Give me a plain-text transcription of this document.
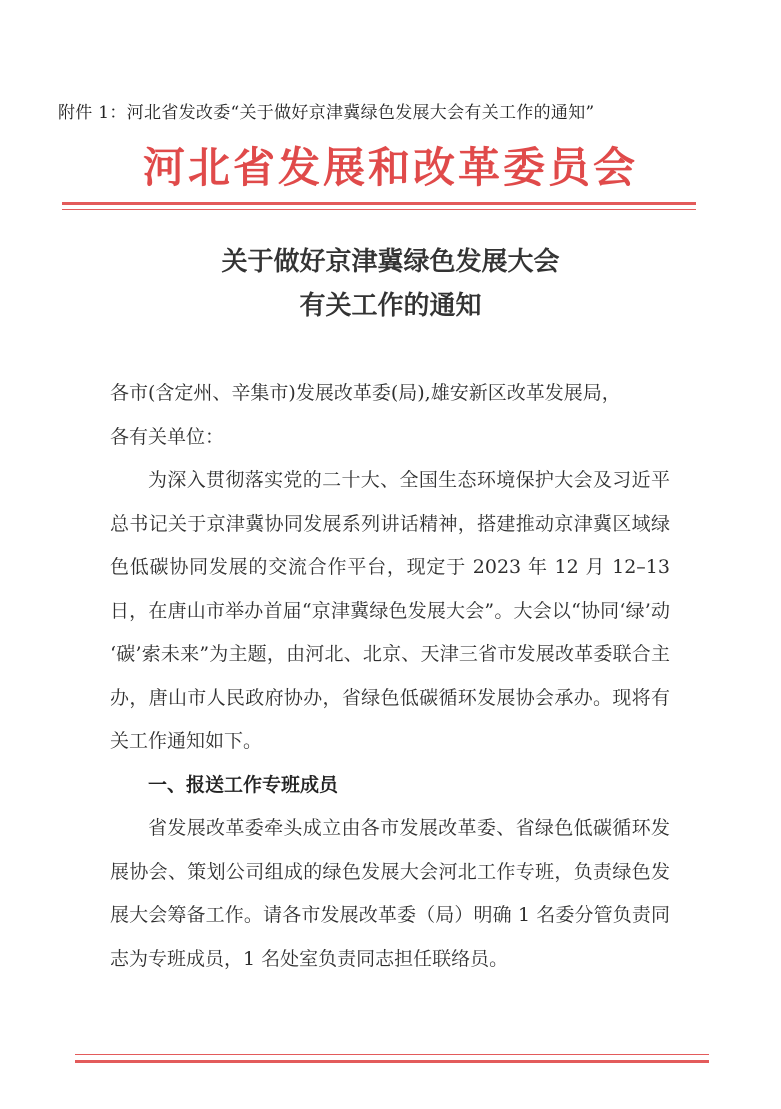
附件 1：河北省发改委“关于做好京津冀绿色发展大会有关工作的通知”
河北省发展和改革委员会
关于做好京津冀绿色发展大会
有关工作的通知

各市(含定州、辛集市)发展改革委(局),雄安新区改革发展局，

各有关单位：

为深入贯彻落实党的二十大、全国生态环境保护大会及习近平总书记关于京津冀协同发展系列讲话精神，搭建推动京津冀区域绿色低碳协同发展的交流合作平台，现定于 2023 年 12 月 12–13 日，在唐山市举办首届“京津冀绿色发展大会”。大会以“协同‘绿’动 ‘碳’索未来”为主题，由河北、北京、天津三省市发展改革委联合主办，唐山市人民政府协办，省绿色低碳循环发展协会承办。现将有关工作通知如下。

一、报送工作专班成员

省发展改革委牵头成立由各市发展改革委、省绿色低碳循环发展协会、策划公司组成的绿色发展大会河北工作专班，负责绿色发展大会筹备工作。请各市发展改革委（局）明确 1 名委分管负责同志为专班成员，1 名处室负责同志担任联络员。
